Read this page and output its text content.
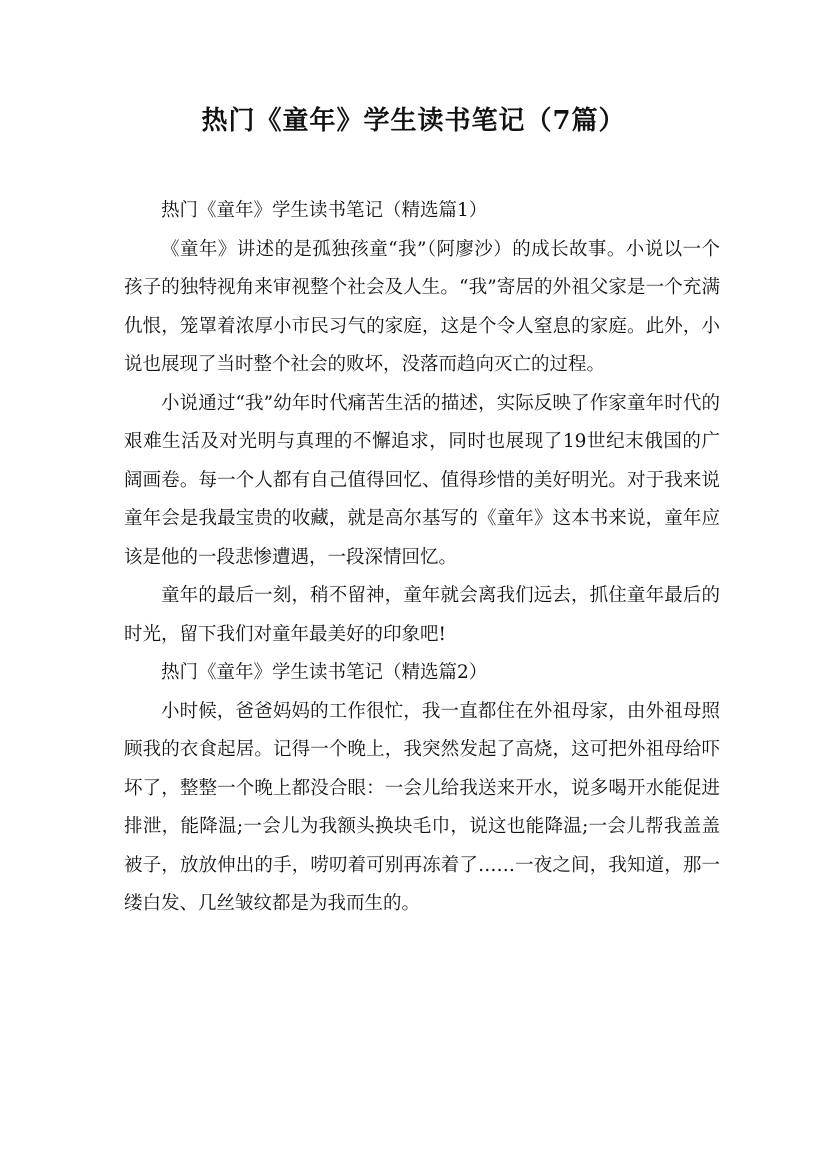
热门《童年》学生读书笔记（7篇）

热门《童年》学生读书笔记（精选篇1）

《童年》讲述的是孤独孩童“我”（阿廖沙）的成长故事。小说以一个孩子的独特视角来审视整个社会及人生。“我”寄居的外祖父家是一个充满仇恨，笼罩着浓厚小市民习气的家庭，这是个令人窒息的家庭。此外，小说也展现了当时整个社会的败坏，没落而趋向灭亡的过程。

小说通过“我”幼年时代痛苦生活的描述，实际反映了作家童年时代的艰难生活及对光明与真理的不懈追求，同时也展现了19世纪末俄国的广阔画卷。每一个人都有自己值得回忆、值得珍惜的美好明光。对于我来说童年会是我最宝贵的收藏，就是高尔基写的《童年》这本书来说，童年应该是他的一段悲惨遭遇，一段深情回忆。

童年的最后一刻，稍不留神，童年就会离我们远去，抓住童年最后的时光，留下我们对童年最美好的印象吧!

热门《童年》学生读书笔记（精选篇2）

小时候，爸爸妈妈的工作很忙，我一直都住在外祖母家，由外祖母照顾我的衣食起居。记得一个晚上，我突然发起了高烧，这可把外祖母给吓坏了，整整一个晚上都没合眼：一会儿给我送来开水，说多喝开水能促进排泄，能降温;一会儿为我额头换块毛巾，说这也能降温;一会儿帮我盖盖被子，放放伸出的手，唠叨着可别再冻着了……一夜之间，我知道，那一缕白发、几丝皱纹都是为我而生的。
